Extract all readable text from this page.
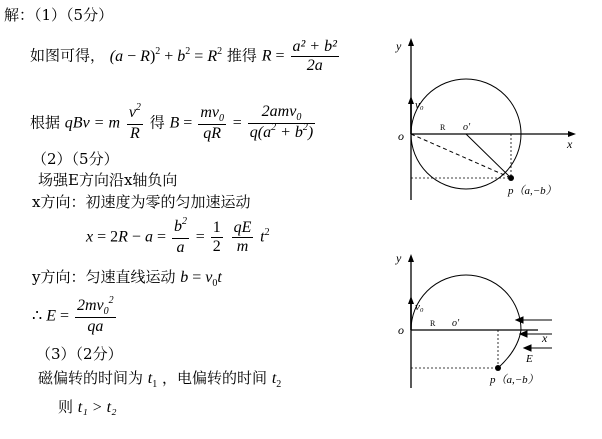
解：（1）（5分）
如图可得， $(a - R)^2 + b^2 = R^2$ 推得 $R = \frac{\text{a² + b²}}{2a}$
根据 qBv = m $\frac{v^2}{R}$ 得 $B = \frac{mv_0}{qR} = \frac{2amv_0}{q(a^2 + b^2)}$
（2）（5分）
场强E方向沿x轴负向
x方向：初速度为零的匀加速运动
$x = 2R - a = \frac{b^2}{a} = \frac{1}{2}$
$\frac{qE}{m} t^2$
y方向：匀速直线运动 $b = v_0t$
∴ $E = \frac{2mv_0^2}{qa}$
（3）（2分）
磁偏转的时间为 $t_1$ ，电偏转的时间 $t_2$
则 t₁ > t₂
y
x
o
v₀
R o'
p（a,−b）
y
x
o
v₀
R o'
p（a,−b）
E
